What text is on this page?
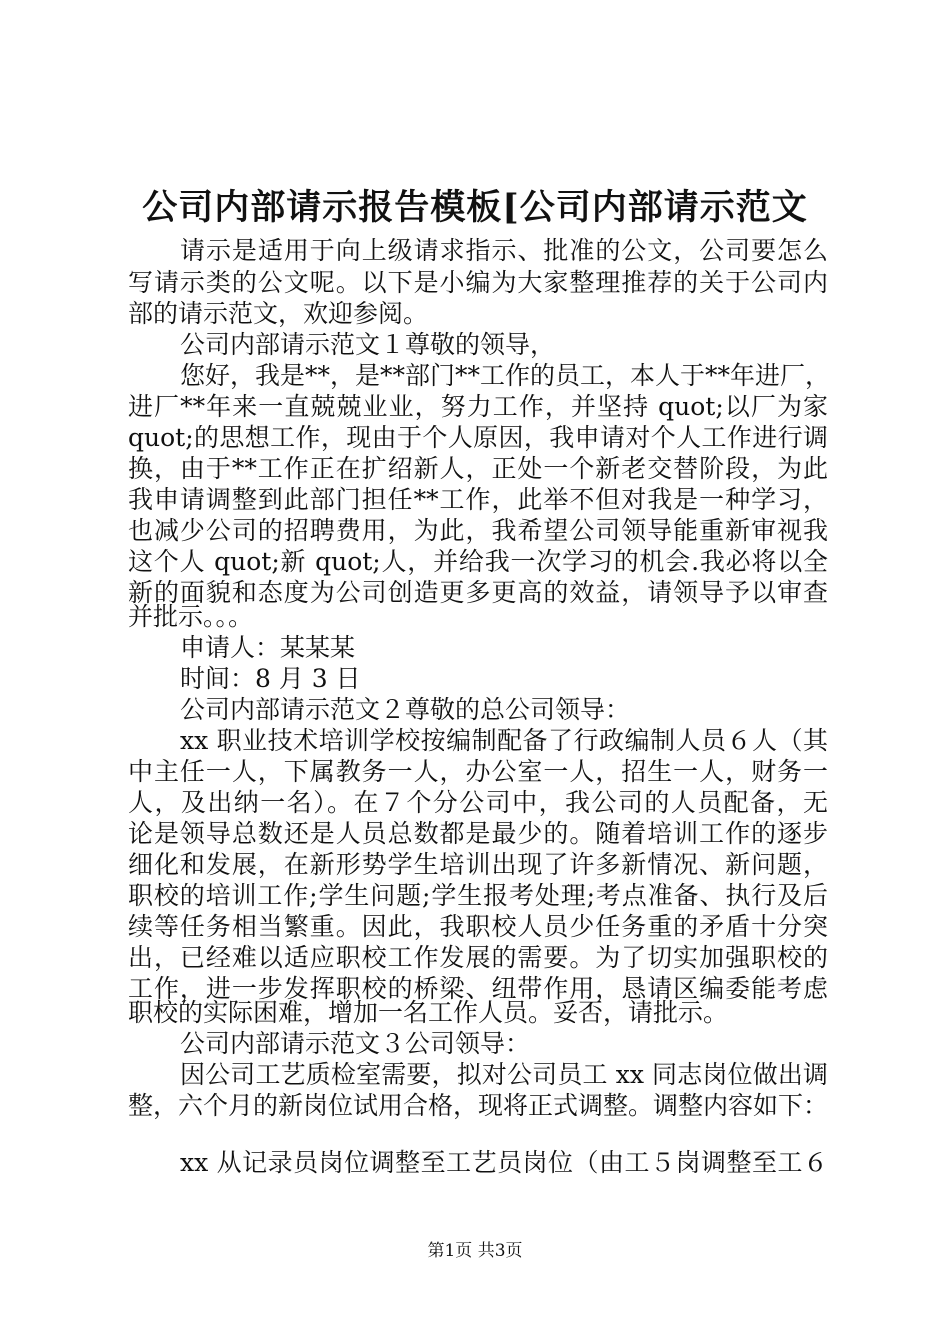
公司内部请示报告模板[公司内部请示范文
请示是适用于向上级请求指示、批准的公文，公司要怎么
写请示类的公文呢。以下是小编为大家整理推荐的关于公司内
部的请示范文，欢迎参阅。
公司内部请示范文１尊敬的领导，
您好，我是**，是**部门**工作的员工，本人于**年进厂，
进厂**年来一直兢兢业业，努力工作，并坚持 quot;以厂为家
quot;的思想工作，现由于个人原因，我申请对个人工作进行调
换，由于**工作正在扩绍新人，正处一个新老交替阶段，为此
我申请调整到此部门担任**工作，此举不但对我是一种学习，
也减少公司的招聘费用，为此，我希望公司领导能重新审视我
这个人 quot;新 quot;人，并给我一次学习的机会.我必将以全
新的面貌和态度为公司创造更多更高的效益，请领导予以审查
并批示。。。
申请人：某某某
时间：8 月 3 日
公司内部请示范文２尊敬的总公司领导：
xx 职业技术培训学校按编制配备了行政编制人员６人（其
中主任一人，下属教务一人，办公室一人，招生一人，财务一
人，及出纳一名）。在７个分公司中，我公司的人员配备，无
论是领导总数还是人员总数都是最少的。随着培训工作的逐步
细化和发展，在新形势学生培训出现了许多新情况、新问题，
职校的培训工作;学生问题;学生报考处理;考点准备、执行及后
续等任务相当繁重。因此，我职校人员少任务重的矛盾十分突
出，已经难以适应职校工作发展的需要。为了切实加强职校的
工作，进一步发挥职校的桥梁、纽带作用，恳请区编委能考虑
职校的实际困难，增加一名工作人员。妥否，请批示。
公司内部请示范文３公司领导：
因公司工艺质检室需要，拟对公司员工 xx 同志岗位做出调
整，六个月的新岗位试用合格，现将正式调整。调整内容如下：
xx 从记录员岗位调整至工艺员岗位（由工５岗调整至工６
第1页 共3页
